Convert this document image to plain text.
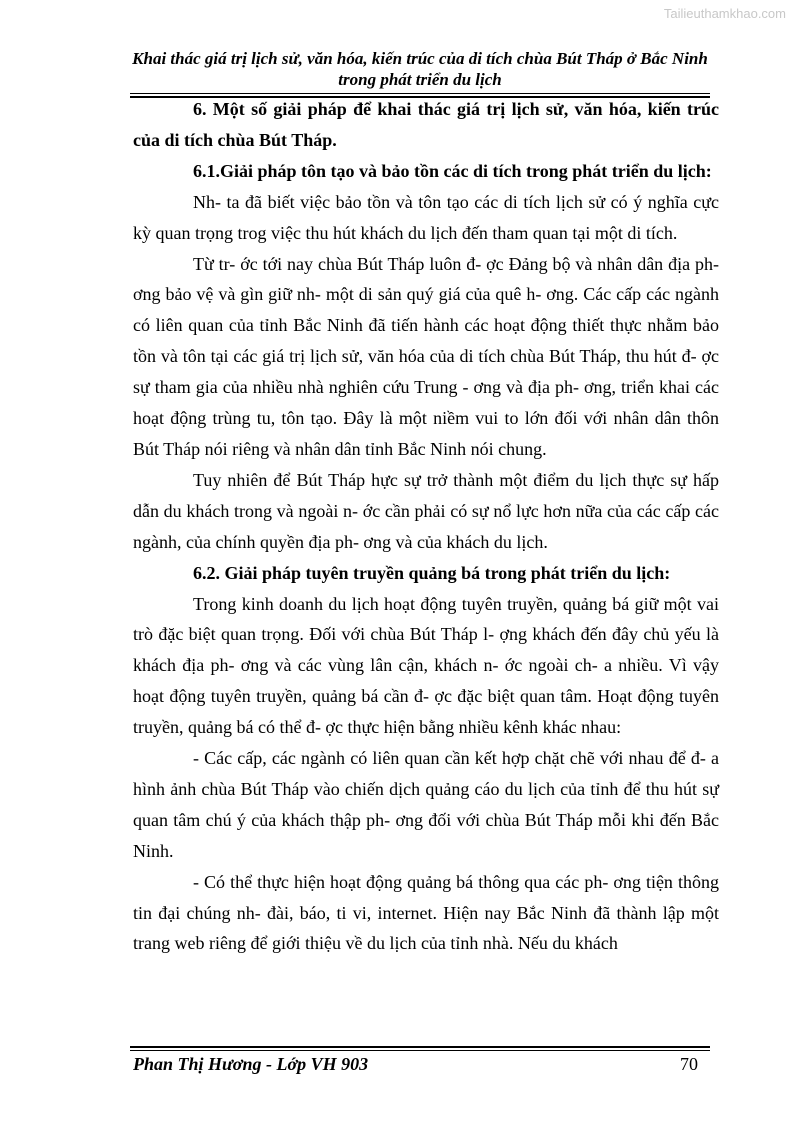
Tailieuthamkhao.com
Khai thác giá trị lịch sử, văn hóa, kiến trúc của di tích chùa Bút Tháp ở Bắc Ninh trong phát triển du lịch

6. Một số giải pháp để khai thác giá trị lịch sử, văn hóa, kiến trúc của di tích chùa Bút Tháp.

6.1.Giải pháp tôn tạo và bảo tồn các di tích trong phát triển du lịch:

Nh- ta đã biết việc bảo tồn và tôn tạo các di tích lịch sử có ý nghĩa cực kỳ quan trọng trog việc thu hút khách du lịch đến tham quan tại một di tích.

Từ tr- ớc tới nay chùa Bút Tháp luôn đ- ợc Đảng bộ và nhân dân địa ph- ơng bảo vệ và gìn giữ nh- một di sản quý giá của quê h- ơng. Các cấp các ngành có liên quan của tỉnh Bắc Ninh đã tiến hành các hoạt động thiết thực nhằm bảo tồn và tôn tại các giá trị lịch sử, văn hóa của di tích chùa Bút Tháp, thu hút đ- ợc sự tham gia của nhiều nhà nghiên cứu Trung - ơng và địa ph- ơng, triển khai các hoạt động trùng tu, tôn tạo. Đây là một niềm vui to lớn đối với nhân dân thôn Bút Tháp nói riêng và nhân dân tỉnh Bắc Ninh nói chung.

Tuy nhiên để Bút Tháp hực sự trở thành một điểm du lịch thực sự hấp dẫn du khách trong và ngoài n- ớc cần phải có sự nổ lực hơn nữa của các cấp các ngành, của chính quyền địa ph- ơng và của khách du lịch.

6.2. Giải pháp tuyên truyền quảng bá trong phát triển du lịch:

Trong kinh doanh du lịch hoạt động tuyên truyền, quảng bá giữ một vai trò đặc biệt quan trọng. Đối với chùa Bút Tháp l- ợng khách đến đây chủ yếu là khách địa ph- ơng và các vùng lân cận, khách n- ớc ngoài ch- a nhiều. Vì vậy hoạt động tuyên truyền, quảng bá cần đ- ợc đặc biệt quan tâm. Hoạt động tuyên truyền, quảng bá có thể đ- ợc thực hiện bằng nhiều kênh khác nhau:

- Các cấp, các ngành có liên quan cần kết hợp chặt chẽ với nhau để đ- a hình ảnh chùa Bút Tháp vào chiến dịch quảng cáo du lịch của tỉnh để thu hút sự quan tâm chú ý của khách thập ph- ơng đối với chùa Bút Tháp mỗi khi đến Bắc Ninh.

- Có thể thực hiện hoạt động quảng bá thông qua các ph- ơng tiện thông tin đại chúng nh- đài, báo, ti vi, internet. Hiện nay Bắc Ninh đã thành lập một trang web riêng để giới thiệu về du lịch của tỉnh nhà. Nếu du khách

Phan Thị Hương - Lớp VH 903	70
